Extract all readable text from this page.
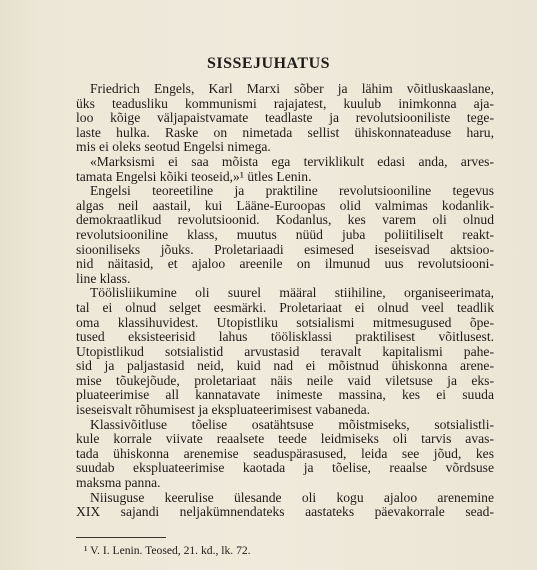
SISSEJUHATUS

Friedrich Engels, Karl Marxi sõber ja lähim võitluskaaslane,
üks teadusliku kommunismi rajajatest, kuulub inimkonna aja-
loo kõige väljapaistvamate teadlaste ja revolutsiooniliste tege-
laste hulka. Raske on nimetada sellist ühiskonnateaduse haru,
mis ei oleks seotud Engelsi nimega.

«Marksismi ei saa mõista ega terviklikult edasi anda, arves-
tamata Engelsi kõiki teoseid,»¹ ütles Lenin.

Engelsi teoreetiline ja praktiline revolutsiooniline tegevus
algas neil aastail, kui Lääne-Euroopas olid valmimas kodanlik-
demokraatlikud revolutsioonid. Kodanlus, kes varem oli olnud
revolutsiooniline klass, muutus nüüd juba poliitiliselt reakt-
siooniliseks jõuks. Proletariaadi esimesed iseseisvad aktsioo-
nid näitasid, et ajaloo areenile on ilmunud uus revolutsiooni-
line klass.

Töölisliikumine oli suurel määral stiihiline, organiseerimata,
tal ei olnud selget eesmärki. Proletariaat ei olnud veel teadlik
oma klassihuvidest. Utopistliku sotsialismi mitmesugused õpe-
tused eksisteerisid lahus töölisklassi praktilisest võitlusest.
Utopistlikud sotsialistid arvustasid teravalt kapitalismi pahe-
sid ja paljastasid neid, kuid nad ei mõistnud ühiskonna arene-
mise tõukejõude, proletariaat näis neile vaid viletsuse ja eks-
pluateerimise all kannatavate inimeste massina, kes ei suuda
iseseisvalt rõhumisest ja ekspluateerimisest vabaneda.

Klassivõitluse tõelise osatähtsuse mõistmiseks, sotsialistli-
kule korrale viivate reaalsete teede leidmiseks oli tarvis avas-
tada ühiskonna arenemise seaduspärasused, leida see jõud, kes
suudab ekspluateerimise kaotada ja tõelise, reaalse võrdsuse
maksma panna.

Niisuguse keerulise ülesande oli kogu ajaloo arenemine
XIX sajandi neljakümnendateks aastateks päevakorrale sead-

¹ V. I. Lenin. Teosed, 21. kd., lk. 72.
